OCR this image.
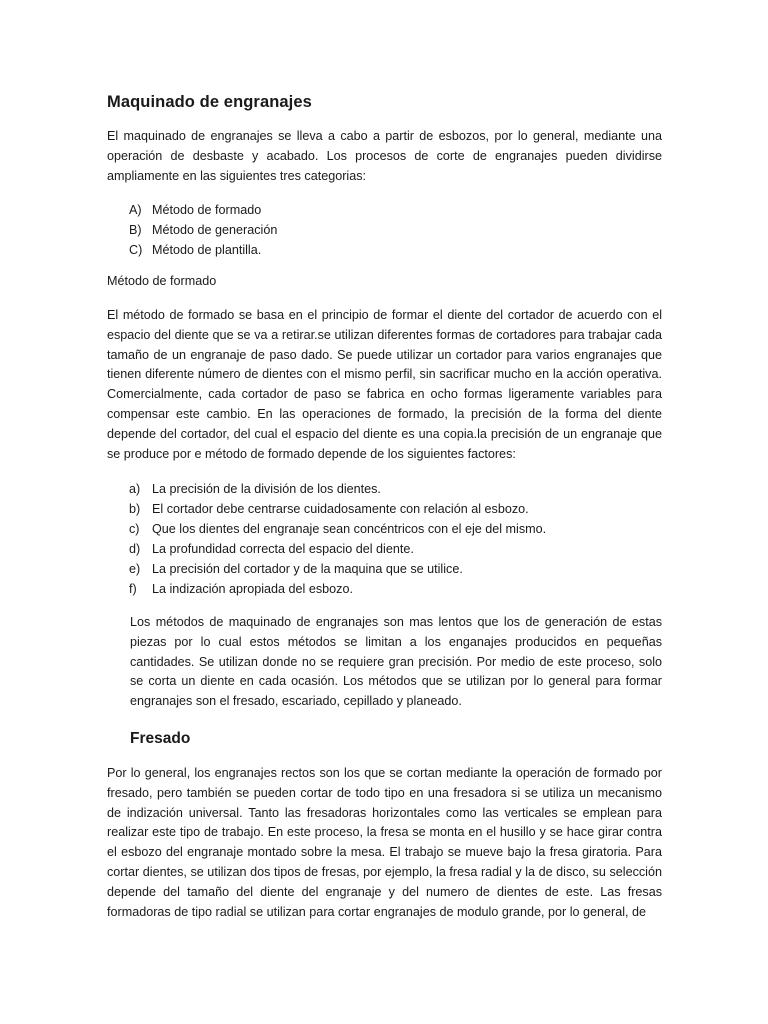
Maquinado de engranajes

El maquinado de engranajes se lleva a cabo a partir de esbozos, por lo general, mediante una operación de desbaste y acabado. Los procesos de corte de engranajes pueden dividirse ampliamente en las siguientes tres categorias:

A) Método de formado
B) Método de generación
C) Método de plantilla.

Método de formado

El método de formado se basa en el principio de formar el diente del cortador de acuerdo con el espacio del diente que se va a retirar.se utilizan diferentes formas de cortadores para trabajar cada tamaño de un engranaje de paso dado. Se puede utilizar un cortador para varios engranajes que tienen diferente número de dientes con el mismo perfil, sin sacrificar mucho en la acción operativa. Comercialmente, cada cortador de paso se fabrica en ocho formas ligeramente variables para compensar este cambio. En las operaciones de formado, la precisión de la forma del diente depende del cortador, del cual el espacio del diente es una copia.la precisión de un engranaje que se produce por e método de formado depende de los siguientes factores:

a) La precisión de la división de los dientes.
b) El cortador debe centrarse cuidadosamente con relación al esbozo.
c) Que los dientes del engranaje sean concéntricos con el eje del mismo.
d) La profundidad correcta del espacio del diente.
e) La precisión del cortador y de la maquina que se utilice.
f) La indización apropiada del esbozo.

Los métodos de maquinado de engranajes son mas lentos que los de generación de estas piezas por lo cual estos métodos se limitan a los enganajes producidos en pequeñas cantidades. Se utilizan donde no se requiere gran precisión. Por medio de este proceso, solo se corta un diente en cada ocasión. Los métodos que se utilizan por lo general para formar engranajes son el fresado, escariado, cepillado y planeado.

Fresado

Por lo general, los engranajes rectos son los que se cortan mediante la operación de formado por fresado, pero también se pueden cortar de todo tipo en una fresadora si se utiliza un mecanismo de indización universal. Tanto las fresadoras horizontales como las verticales se emplean para realizar este tipo de trabajo. En este proceso, la fresa se monta en el husillo y se hace girar contra el esbozo del engranaje montado sobre la mesa. El trabajo se mueve bajo la fresa giratoria. Para cortar dientes, se utilizan dos tipos de fresas, por ejemplo, la fresa radial y la de disco, su selección depende del tamaño del diente del engranaje y del numero de dientes de este. Las fresas formadoras de tipo radial se utilizan para cortar engranajes de modulo grande, por lo general, de
